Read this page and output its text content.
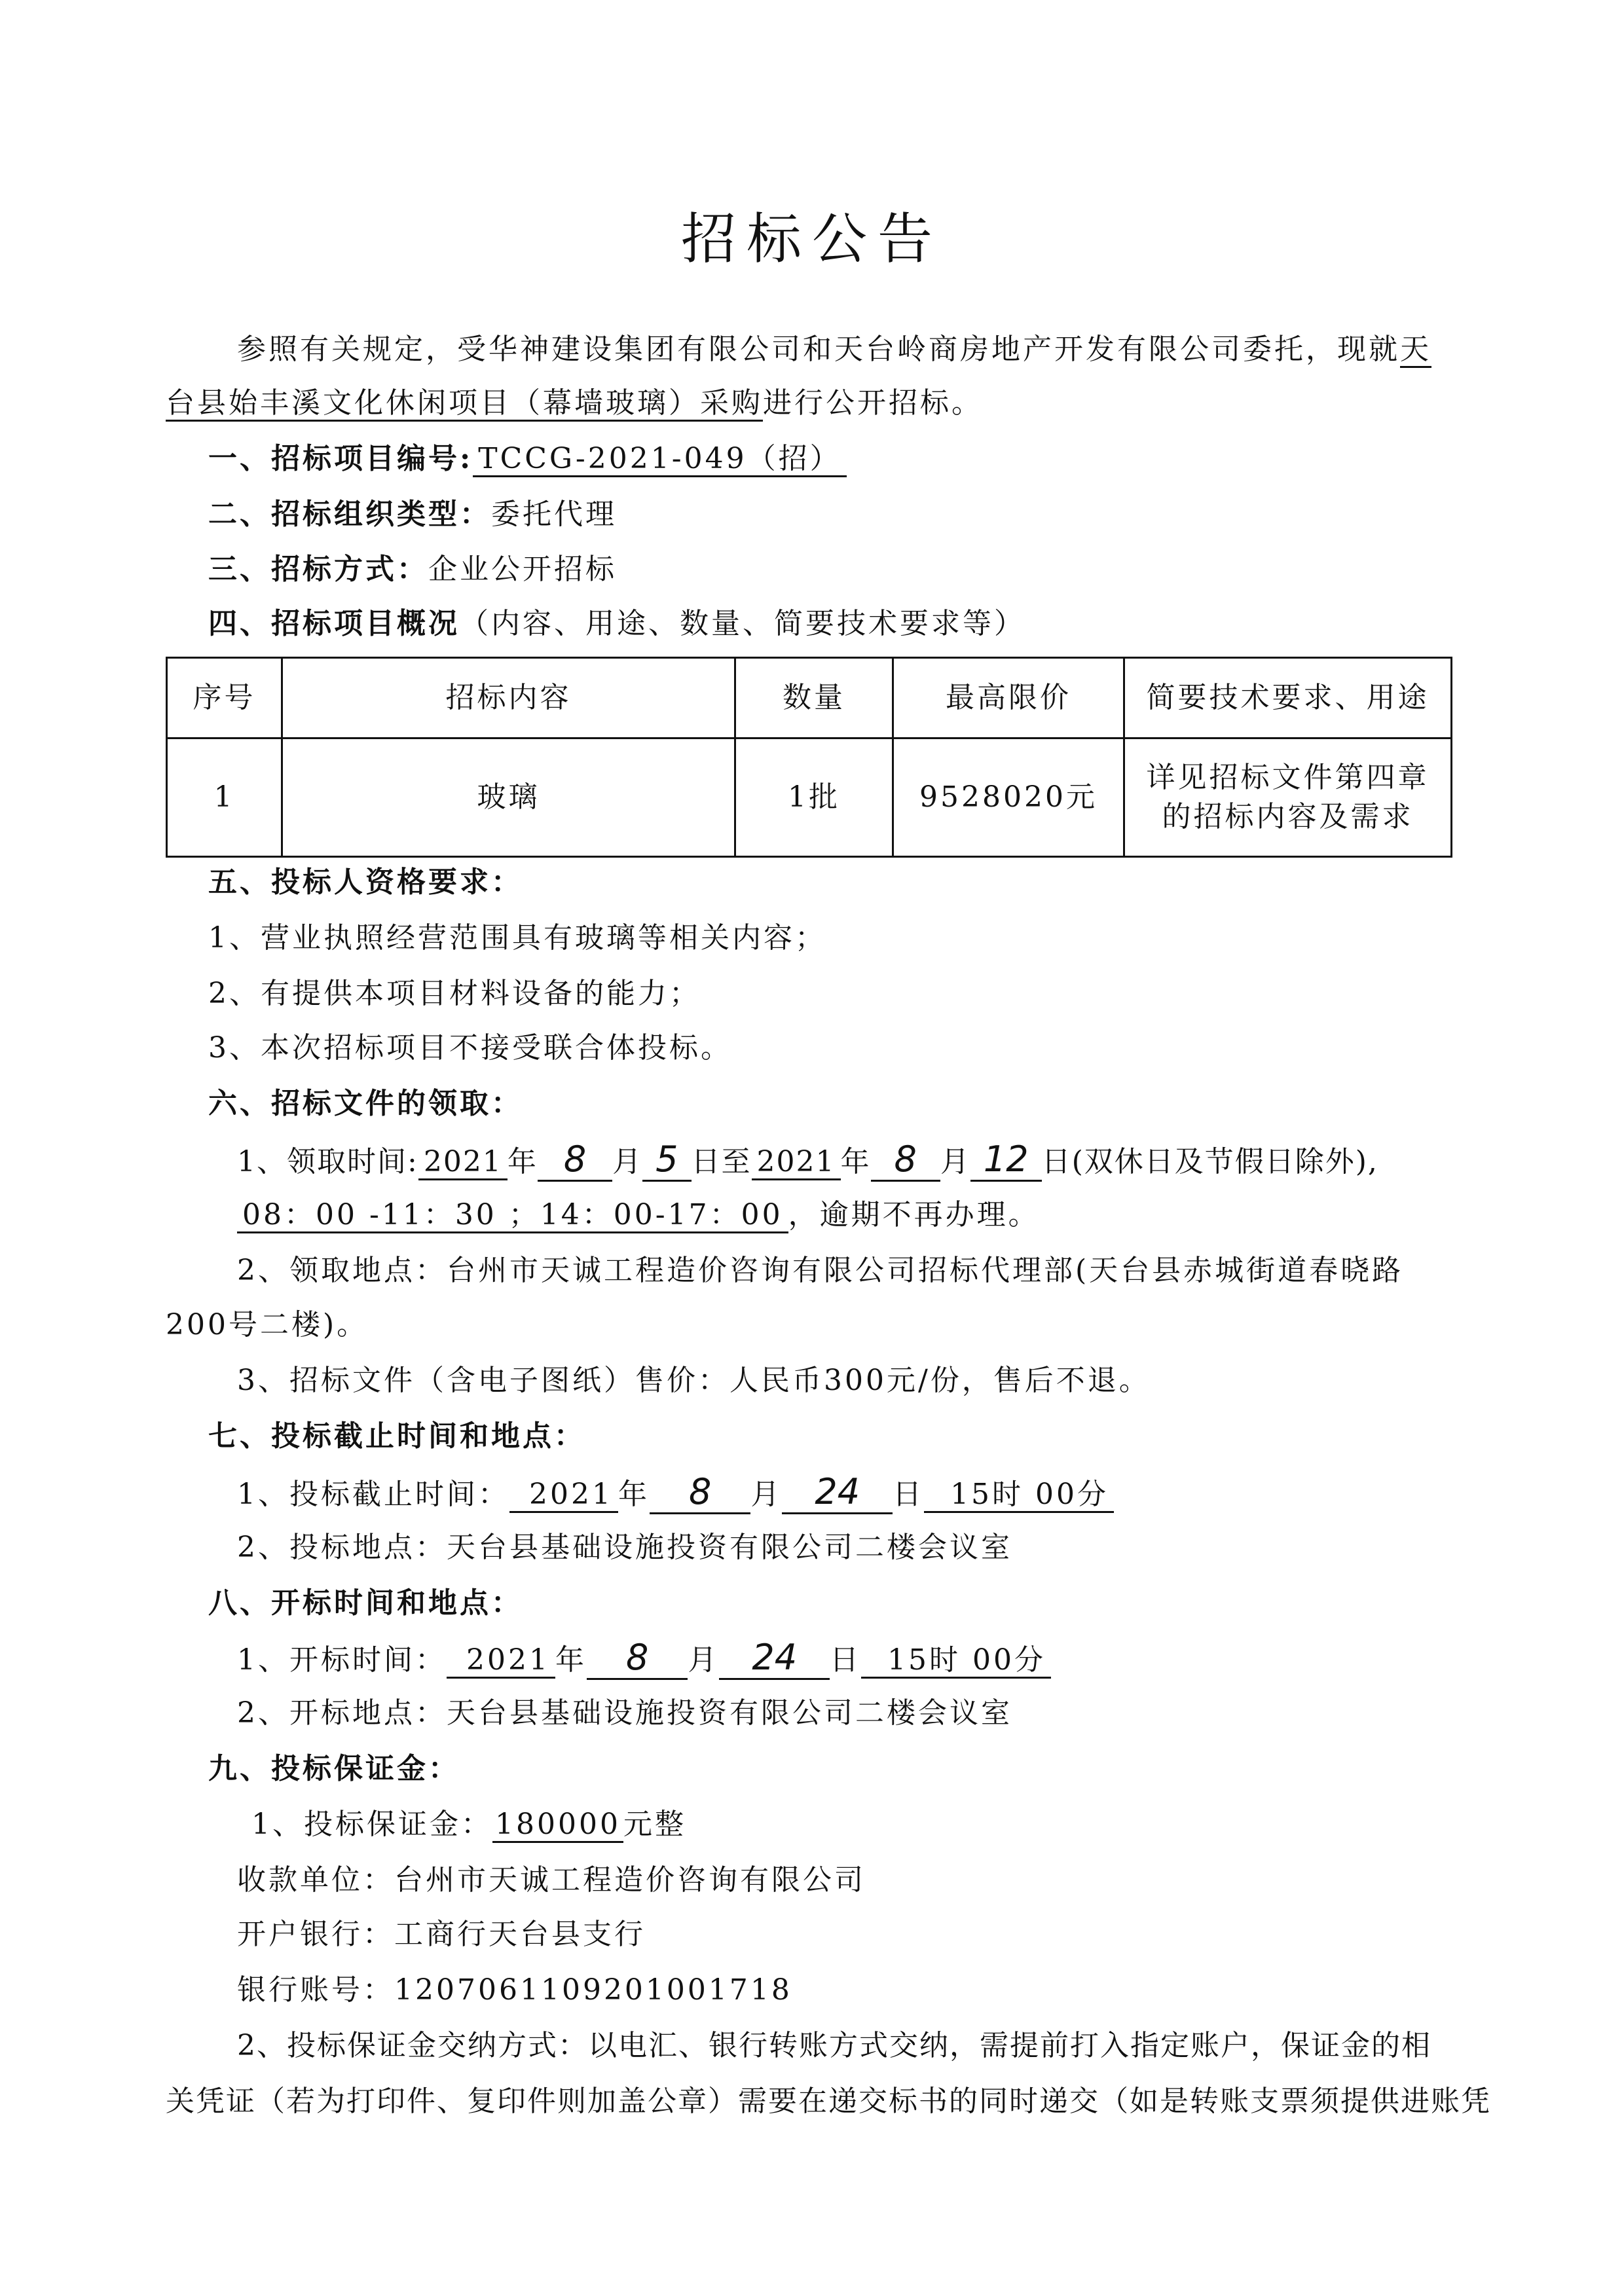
招标公告
参照有关规定，受华神建设集团有限公司和天台岭商房地产开发有限公司委托，现就天
台县始丰溪文化休闲项目（幕墙玻璃）采购进行公开招标。
一、招标项目编号: TCCG-2021-049（招）
二、招标组织类型：委托代理
三、招标方式：企业公开招标
四、招标项目概况（内容、用途、数量、简要技术要求等）
序号	招标内容	数量	最高限价	简要技术要求、用途
1	玻璃	1批	9528020元	详见招标文件第四章
的招标内容及需求
五、投标人资格要求：
1、营业执照经营范围具有玻璃等相关内容；
2、有提供本项目材料设备的能力；
3、本次招标项目不接受联合体投标。
六、招标文件的领取：
1、领取时间: 2021 年 8 月 5 日至 2021 年 8 月 12 日(双休日及节假日除外),
08：00 -11：30 ；14：00-17：00 ，逾期不再办理。
2、领取地点：台州市天诚工程造价咨询有限公司招标代理部(天台县赤城街道春晓路
200号二楼)。
3、招标文件（含电子图纸）售价：人民币300元/份，售后不退。
七、投标截止时间和地点：
1、投标截止时间： 2021 年 8 月 24 日 15时 00分
2、投标地点：天台县基础设施投资有限公司二楼会议室
八、开标时间和地点：
1、开标时间： 2021 年 8 月 24 日 15时 00分
2、开标地点：天台县基础设施投资有限公司二楼会议室
九、投标保证金：
1、投标保证金：180000元整
收款单位：台州市天诚工程造价咨询有限公司
开户银行：工商行天台县支行
银行账号：1207061109201001718
2、投标保证金交纳方式：以电汇、银行转账方式交纳，需提前打入指定账户，保证金的相
关凭证（若为打印件、复印件则加盖公章）需要在递交标书的同时递交（如是转账支票须提供进账凭
